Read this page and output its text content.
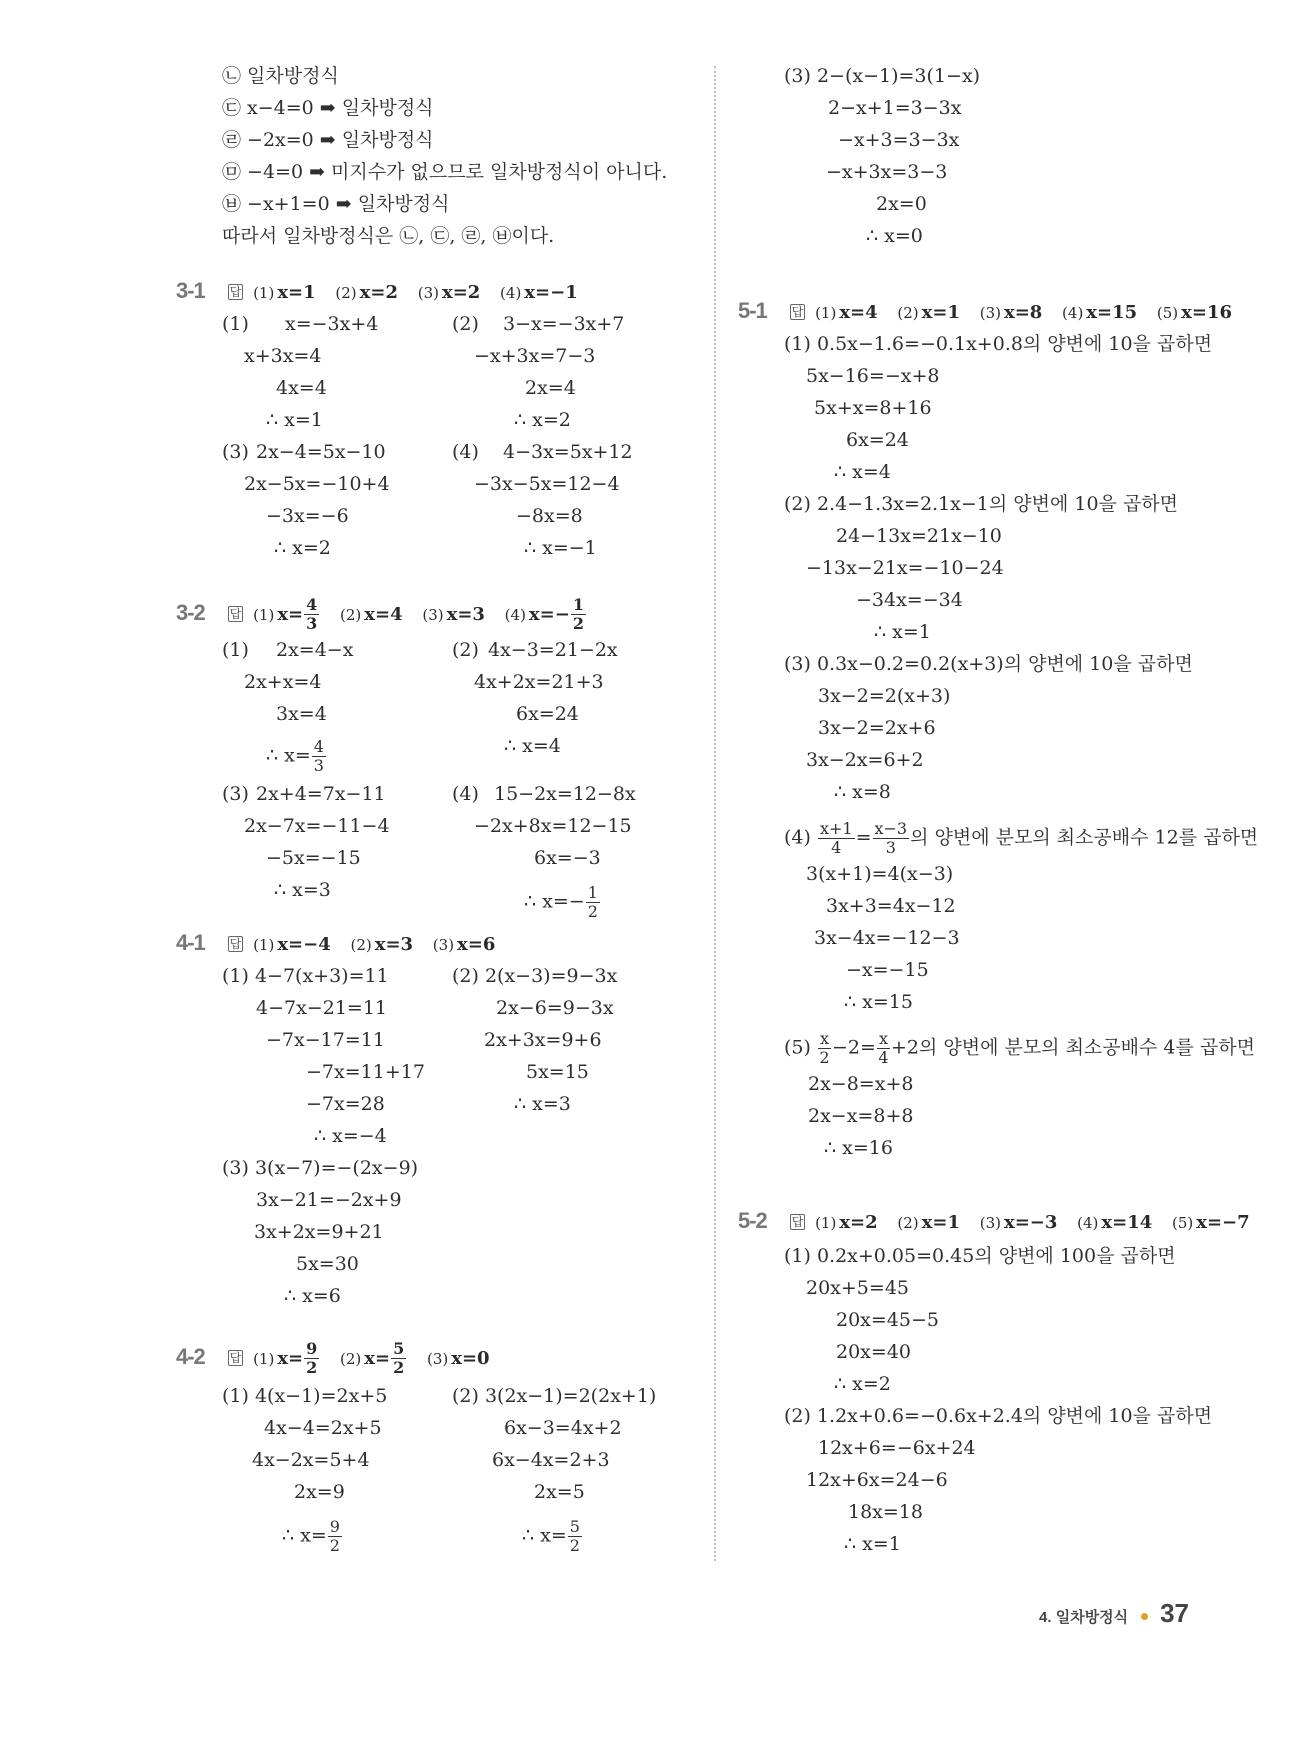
㉡ 일차방정식
㉢ x−4=0 ➡ 일차방정식
㉣ −2x=0 ➡ 일차방정식
㉤ −4=0 ➡ 미지수가 없으므로 일차방정식이 아니다.
㉥ −x+1=0 ➡ 일차방정식
따라서 일차방정식은 ㉡, ㉢, ㉣, ㉥이다.
3-1 답 (1) x=1 (2) x=2 (3) x=2 (4) x=−1
(1) x=−3x+4
x+3x=4
4x=4
∴ x=1
(2) 3−x=−3x+7
−x+3x=7−3
2x=4
∴ x=2
(3) 2x−4=5x−10
2x−5x=−10+4
−3x=−6
∴ x=2
(4) 4−3x=5x+12
−3x−5x=12−4
−8x=8
∴ x=−1
3-2 답 (1) $x= \frac{4}{3} (2)$ x=4 (3) x=3 (4) $x=- \frac{1}{2}$
(1) 2x=4−x
2x+x=4
3x=4
∴ $x= \frac{4}{3}$
(2) 4x−3=21−2x
4x+2x=21+3
6x=24
∴ x=4
(3) 2x+4=7x−11
2x−7x=−11−4
−5x=−15
∴ x=3
(4) 15−2x=12−8x
−2x+8x=12−15
6x=−3
∴ $x=- \frac{1}{2}$
4-1 답 (1) x=−4 (2) x=3 (3) x=6
(1) 4−7(x+3)=11
4−7x−21=11
−7x−17=11
−7x=11+17
−7x=28
∴ x=−4
(2) 2(x−3)=9−3x
2x−6=9−3x
2x+3x=9+6
5x=15
∴ x=3
(3) 3(x−7)=−(2x−9)
3x−21=−2x+9
3x+2x=9+21
5x=30
∴ x=6
4-2 답 (1) $x= \frac{9}{2} (2)$ $x= \frac{5}{2} (3)$ x=0
(1) 4(x−1)=2x+5
4x−4=2x+5
4x−2x=5+4
2x=9
∴ $x= \frac{9}{2}$
(2) 3(2x−1)=2(2x+1)
6x−3=4x+2
6x−4x=2+3
2x=5
∴ $x= \frac{5}{2}$
(3) 2−(x−1)=3(1−x)
2−x+1=3−3x
−x+3=3−3x
−x+3x=3−3
2x=0
∴ x=0
5-1 답 (1) x=4 (2) x=1 (3) x=8 (4) x=15 (5) x=16
(1) 0.5x−1.6=−0.1x+0.8의 양변에 10을 곱하면
5x−16=−x+8
5x+x=8+16
6x=24
∴ x=4
(2) 2.4−1.3x=2.1x−1의 양변에 10을 곱하면
24−13x=21x−10
−13x−21x=−10−24
−34x=−34
∴ x=1
(3) 0.3x−0.2=0.2(x+3)의 양변에 10을 곱하면
3x−2=2(x+3)
3x−2=2x+6
3x−2x=6+2
∴ x=8
$(4) \frac{x+1}{4} = \frac{x-3}{3}$ 의 양변에 분모의 최소공배수 12를 곱하면
3(x+1)=4(x−3)
3x+3=4x−12
3x−4x=−12−3
−x=−15
∴ x=15
$(5) \frac{x}{2} -2= \frac{x}{4} +2$의 양변에 분모의 최소공배수 4를 곱하면
2x−8=x+8
2x−x=8+8
∴ x=16
5-2 답 (1) x=2 (2) x=1 (3) x=−3 (4) x=14 (5) x=−7
(1) 0.2x+0.05=0.45의 양변에 100을 곱하면
20x+5=45
20x=45−5
20x=40
∴ x=2
(2) 1.2x+0.6=−0.6x+2.4의 양변에 10을 곱하면
12x+6=−6x+24
12x+6x=24−6
18x=18
∴ x=1
4. 일차방정식 37
